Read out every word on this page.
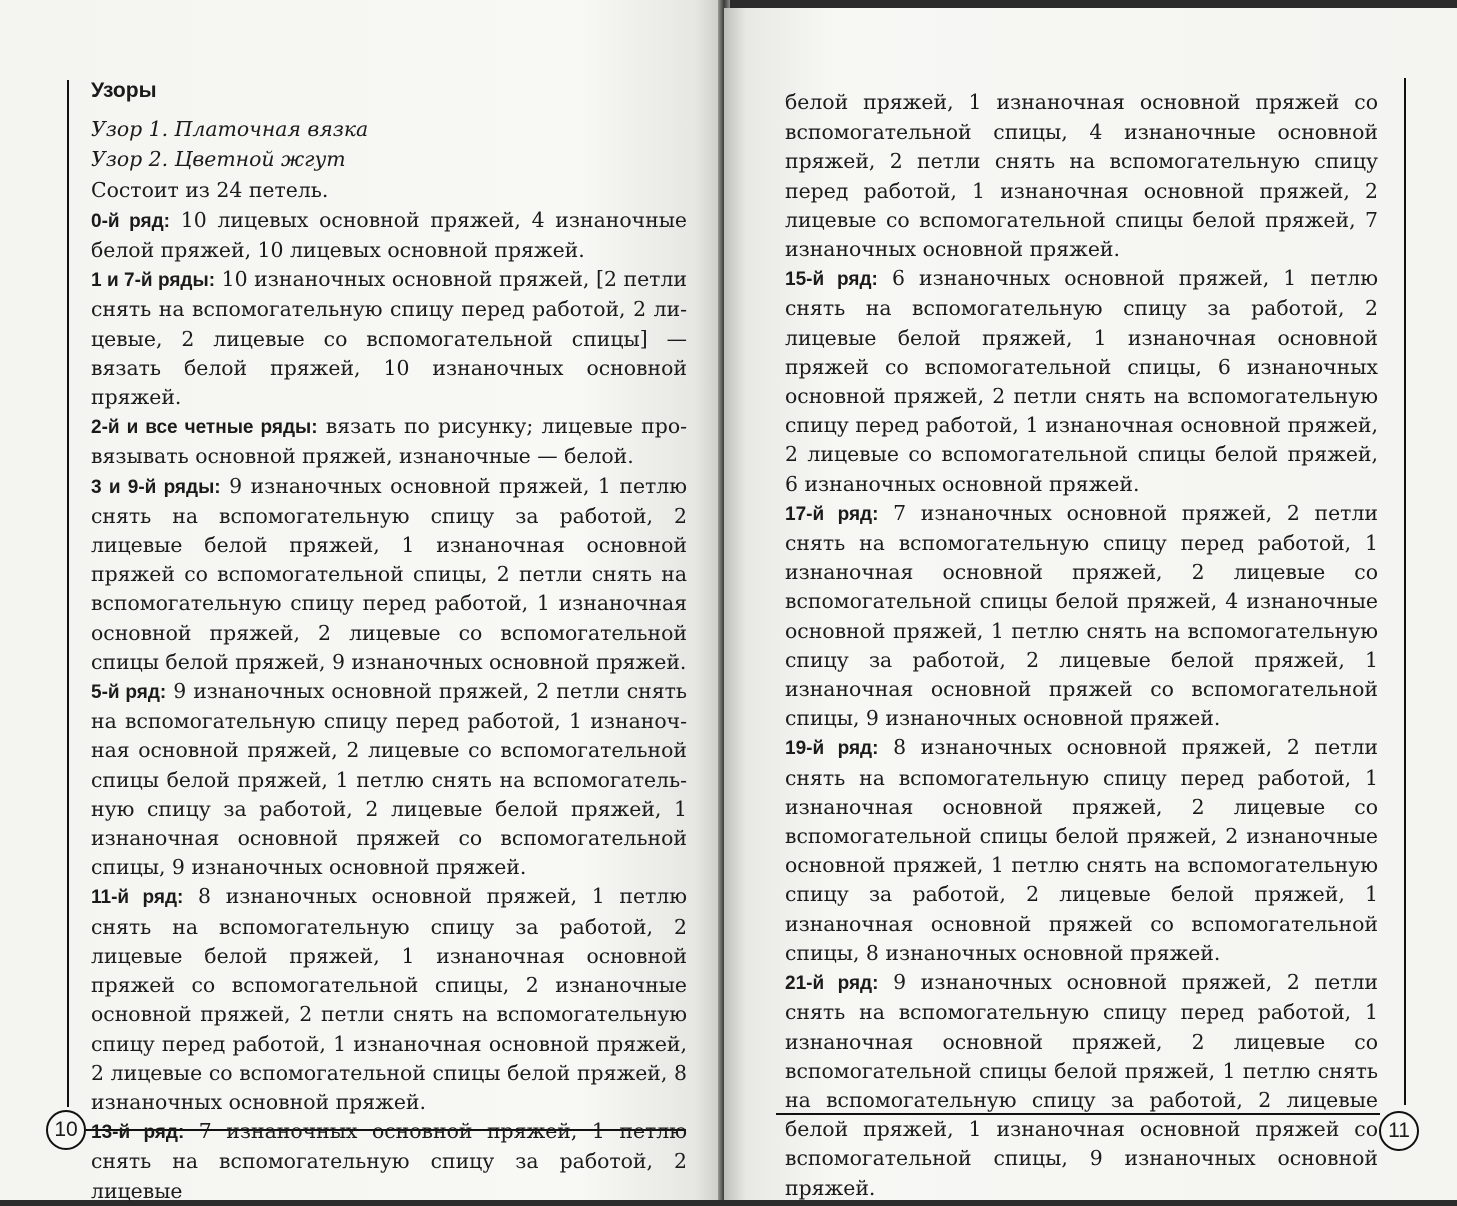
10

Узоры

Узор 1. Платочная вязка

Узор 2. Цветной жгут

Состоит из 24 петель.

0-й ряд: 10 лицевых основной пряжей, 4 изнаночные белой пряжей, 10 лицевых основной пряжей.

1 и 7-й ряды: 10 изнаночных основной пряжей, [2 петли снять на вспомогательную спицу перед работой, 2 лицевые, 2 лицевые со вспомогательной спицы] — вязать белой пряжей, 10 изнаночных основной пряжей.

2-й и все четные ряды: вязать по рисунку; лицевые провязывать основной пряжей, изнаночные — белой.

3 и 9-й ряды: 9 изнаночных основной пряжей, 1 петлю снять на вспомогательную спицу за работой, 2 лицевые белой пряжей, 1 изнаночная основной пряжей со вспомогательной спицы, 2 петли снять на вспомогательную спицу перед работой, 1 изнаночная основной пряжей, 2 лицевые со вспомогательной спицы белой пряжей, 9 изнаночных основной пряжей.

5-й ряд: 9 изнаночных основной пряжей, 2 петли снять на вспомогательную спицу перед работой, 1 изнаночная основной пряжей, 2 лицевые со вспомогательной спицы белой пряжей, 1 петлю снять на вспомогательную спицу за работой, 2 лицевые белой пряжей, 1 изнаночная основной пряжей со вспомогательной спицы, 9 изнаночных основной пряжей.

11-й ряд: 8 изнаночных основной пряжей, 1 петлю снять на вспомогательную спицу за работой, 2 лицевые белой пряжей, 1 изнаночная основной пряжей со вспомогательной спицы, 2 изнаночные основной пряжей, 2 петли снять на вспомогательную спицу перед работой, 1 изнаночная основной пряжей, 2 лицевые со вспомогательной спицы белой пряжей, 8 изнаночных основной пряжей.

13-й ряд: 7 изнаночных основной пряжей, 1 петлю снять на вспомогательную спицу за работой, 2 лицевые

11

белой пряжей, 1 изнаночная основной пряжей со вспомогательной спицы, 4 изнаночные основной пряжей, 2 петли снять на вспомогательную спицу перед работой, 1 изнаночная основной пряжей, 2 лицевые со вспомогательной спицы белой пряжей, 7 изнаночных основной пряжей.

15-й ряд: 6 изнаночных основной пряжей, 1 петлю снять на вспомогательную спицу за работой, 2 лицевые белой пряжей, 1 изнаночная основной пряжей со вспомогательной спицы, 6 изнаночных основной пряжей, 2 петли снять на вспомогательную спицу перед работой, 1 изнаночная основной пряжей, 2 лицевые со вспомогательной спицы белой пряжей, 6 изнаночных основной пряжей.

17-й ряд: 7 изнаночных основной пряжей, 2 петли снять на вспомогательную спицу перед работой, 1 изнаночная основной пряжей, 2 лицевые со вспомогательной спицы белой пряжей, 4 изнаночные основной пряжей, 1 петлю снять на вспомогательную спицу за работой, 2 лицевые белой пряжей, 1 изнаночная основной пряжей со вспомогательной спицы, 9 изнаночных основной пряжей.

19-й ряд: 8 изнаночных основной пряжей, 2 петли снять на вспомогательную спицу перед работой, 1 изнаночная основной пряжей, 2 лицевые со вспомогательной спицы белой пряжей, 2 изнаночные основной пряжей, 1 петлю снять на вспомогательную спицу за работой, 2 лицевые белой пряжей, 1 изнаночная основной пряжей со вспомогательной спицы, 8 изнаночных основной пряжей.

21-й ряд: 9 изнаночных основной пряжей, 2 петли снять на вспомогательную спицу перед работой, 1 изнаночная основной пряжей, 2 лицевые со вспомогательной спицы белой пряжей, 1 петлю снять на вспомогательную спицу за работой, 2 лицевые белой пряжей, 1 изнаночная основной пряжей со вспомогательной спицы, 9 изнаночных основной пряжей.
